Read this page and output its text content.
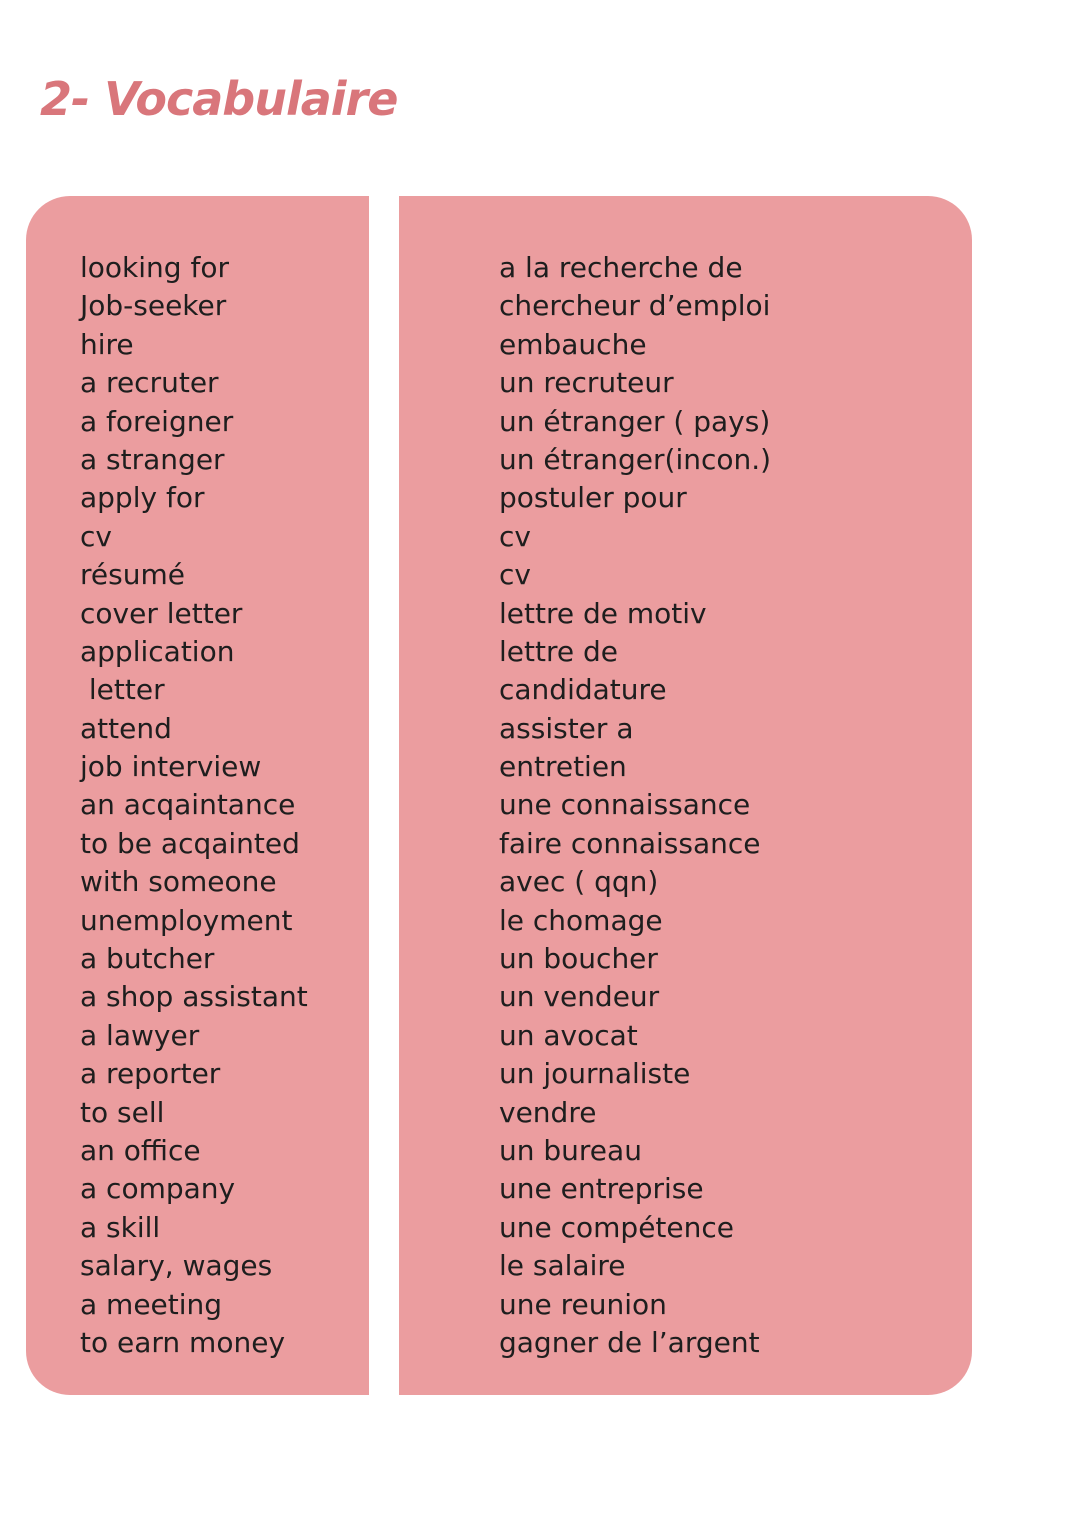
2- Vocabulaire
looking for
Job-seeker
hire
a recruter
a foreigner
a stranger
apply for
cv
résumé
cover letter
application
letter
attend
job interview
an acqaintance
to be acqainted
with someone
unemployment
a butcher
a shop assistant
a lawyer
a reporter
to sell
an office
a company
a skill
salary, wages
a meeting
to earn money
a la recherche de
chercheur d’emploi
embauche
un recruteur
un étranger ( pays)
un étranger(incon.)
postuler pour
cv
cv
lettre de motiv
lettre de
candidature
assister a
entretien
une connaissance
faire connaissance
avec ( qqn)
le chomage
un boucher
un vendeur
un avocat
un journaliste
vendre
un bureau
une entreprise
une compétence
le salaire
une reunion
gagner de l’argent
